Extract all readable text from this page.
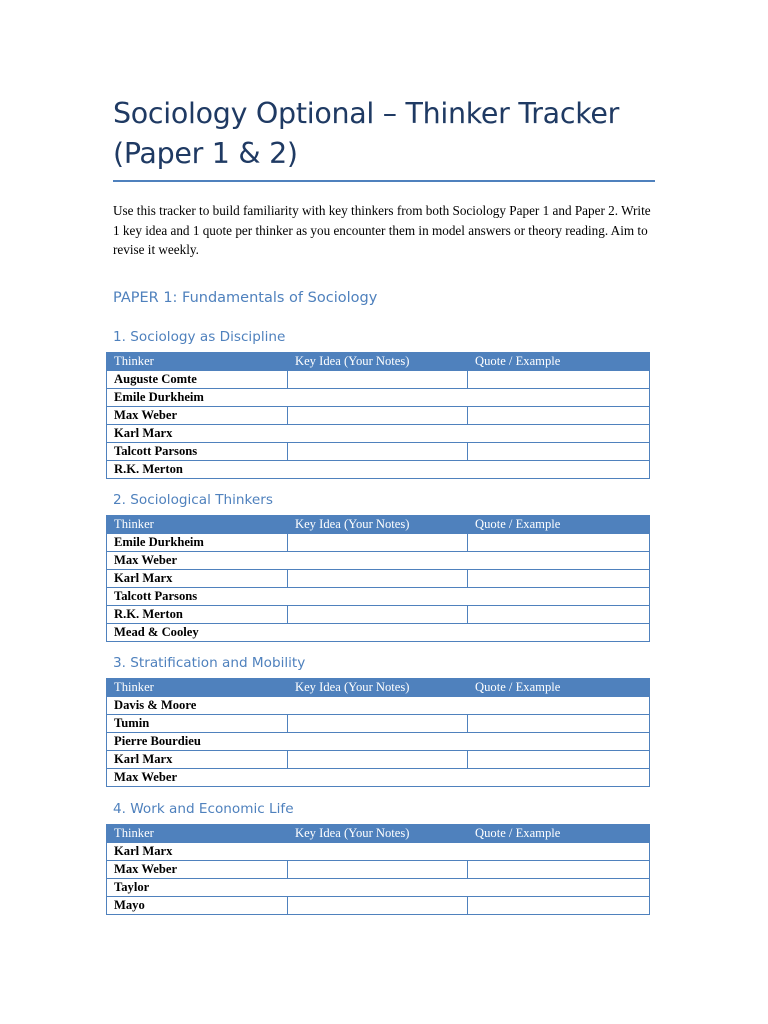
Sociology Optional – Thinker Tracker
(Paper 1 & 2)
Use this tracker to build familiarity with key thinkers from both Sociology Paper 1 and Paper 2. Write 1 key idea and 1 quote per thinker as you encounter them in model answers or theory reading. Aim to revise it weekly.
PAPER 1: Fundamentals of Sociology
1. Sociology as Discipline
Thinker	Key Idea (Your Notes)	Quote / Example
Auguste Comte		
Emile Durkheim		
Max Weber		
Karl Marx		
Talcott Parsons		
R.K. Merton		
2. Sociological Thinkers
Thinker	Key Idea (Your Notes)	Quote / Example
Emile Durkheim		
Max Weber		
Karl Marx		
Talcott Parsons		
R.K. Merton		
Mead & Cooley		
3. Stratification and Mobility
Thinker	Key Idea (Your Notes)	Quote / Example
Davis & Moore		
Tumin		
Pierre Bourdieu		
Karl Marx		
Max Weber		
4. Work and Economic Life
Thinker	Key Idea (Your Notes)	Quote / Example
Karl Marx		
Max Weber		
Taylor		
Mayo		
